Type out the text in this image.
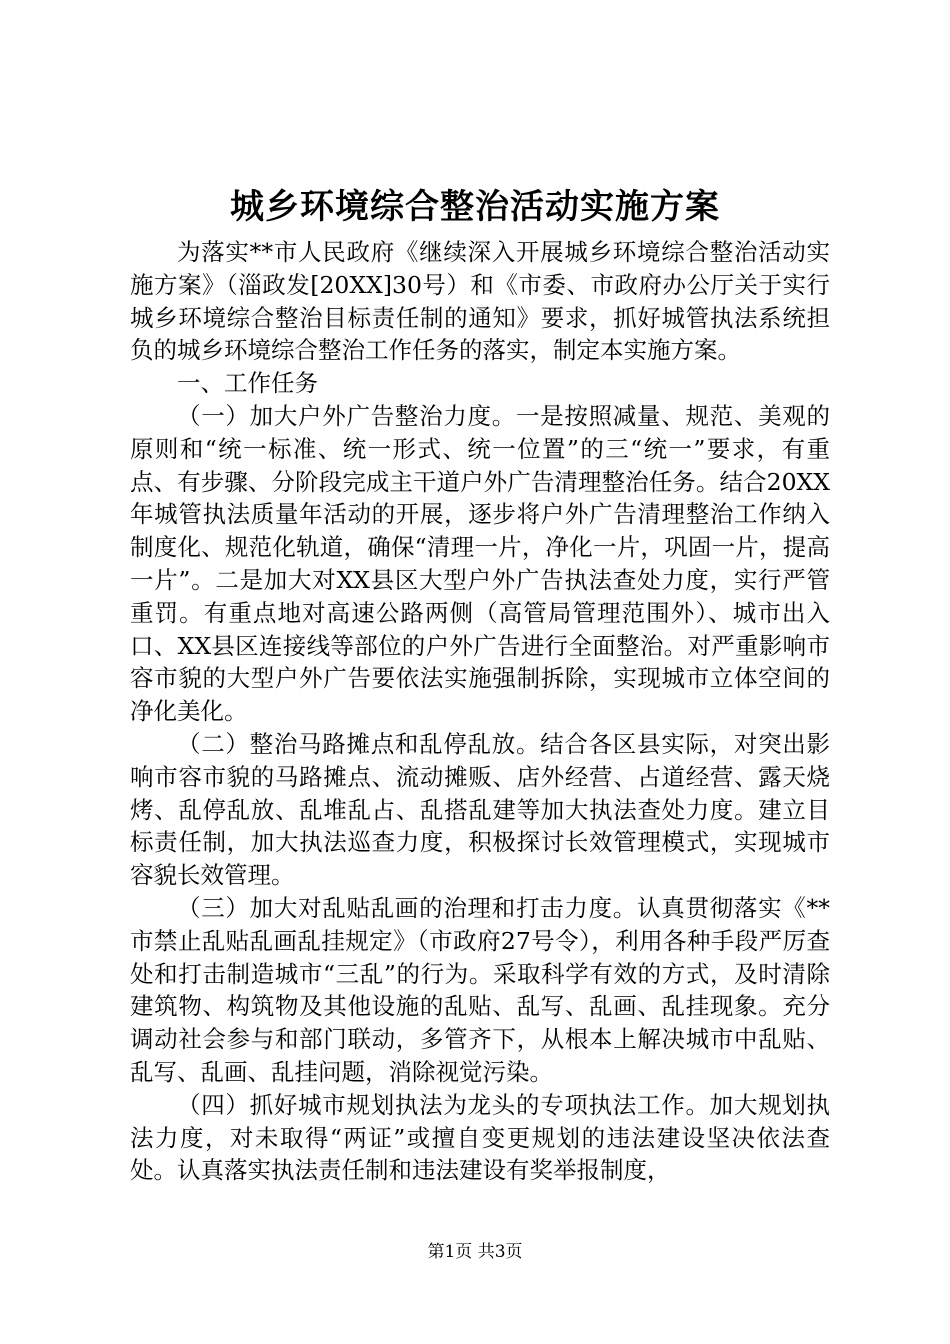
城乡环境综合整治活动实施方案

为落实**市人民政府《继续深入开展城乡环境综合整治活动实施方案》（淄政发[20XX]30号）和《市委、市政府办公厅关于实行城乡环境综合整治目标责任制的通知》要求，抓好城管执法系统担负的城乡环境综合整治工作任务的落实，制定本实施方案。

一、工作任务

（一）加大户外广告整治力度。一是按照减量、规范、美观的原则和“统一标准、统一形式、统一位置”的三“统一”要求，有重点、有步骤、分阶段完成主干道户外广告清理整治任务。结合20XX年城管执法质量年活动的开展，逐步将户外广告清理整治工作纳入制度化、规范化轨道，确保“清理一片，净化一片，巩固一片，提高一片”。二是加大对XX县区大型户外广告执法查处力度，实行严管重罚。有重点地对高速公路两侧（高管局管理范围外）、城市出入口、XX县区连接线等部位的户外广告进行全面整治。对严重影响市容市貌的大型户外广告要依法实施强制拆除，实现城市立体空间的净化美化。

（二）整治马路摊点和乱停乱放。结合各区县实际，对突出影响市容市貌的马路摊点、流动摊贩、店外经营、占道经营、露天烧烤、乱停乱放、乱堆乱占、乱搭乱建等加大执法查处力度。建立目标责任制，加大执法巡查力度，积极探讨长效管理模式，实现城市容貌长效管理。

（三）加大对乱贴乱画的治理和打击力度。认真贯彻落实《**市禁止乱贴乱画乱挂规定》（市政府27号令），利用各种手段严厉查处和打击制造城市“三乱”的行为。采取科学有效的方式，及时清除建筑物、构筑物及其他设施的乱贴、乱写、乱画、乱挂现象。充分调动社会参与和部门联动，多管齐下，从根本上解决城市中乱贴、乱写、乱画、乱挂问题，消除视觉污染。

（四）抓好城市规划执法为龙头的专项执法工作。加大规划执法力度，对未取得“两证”或擅自变更规划的违法建设坚决依法查处。认真落实执法责任制和违法建设有奖举报制度，

第1页 共3页
